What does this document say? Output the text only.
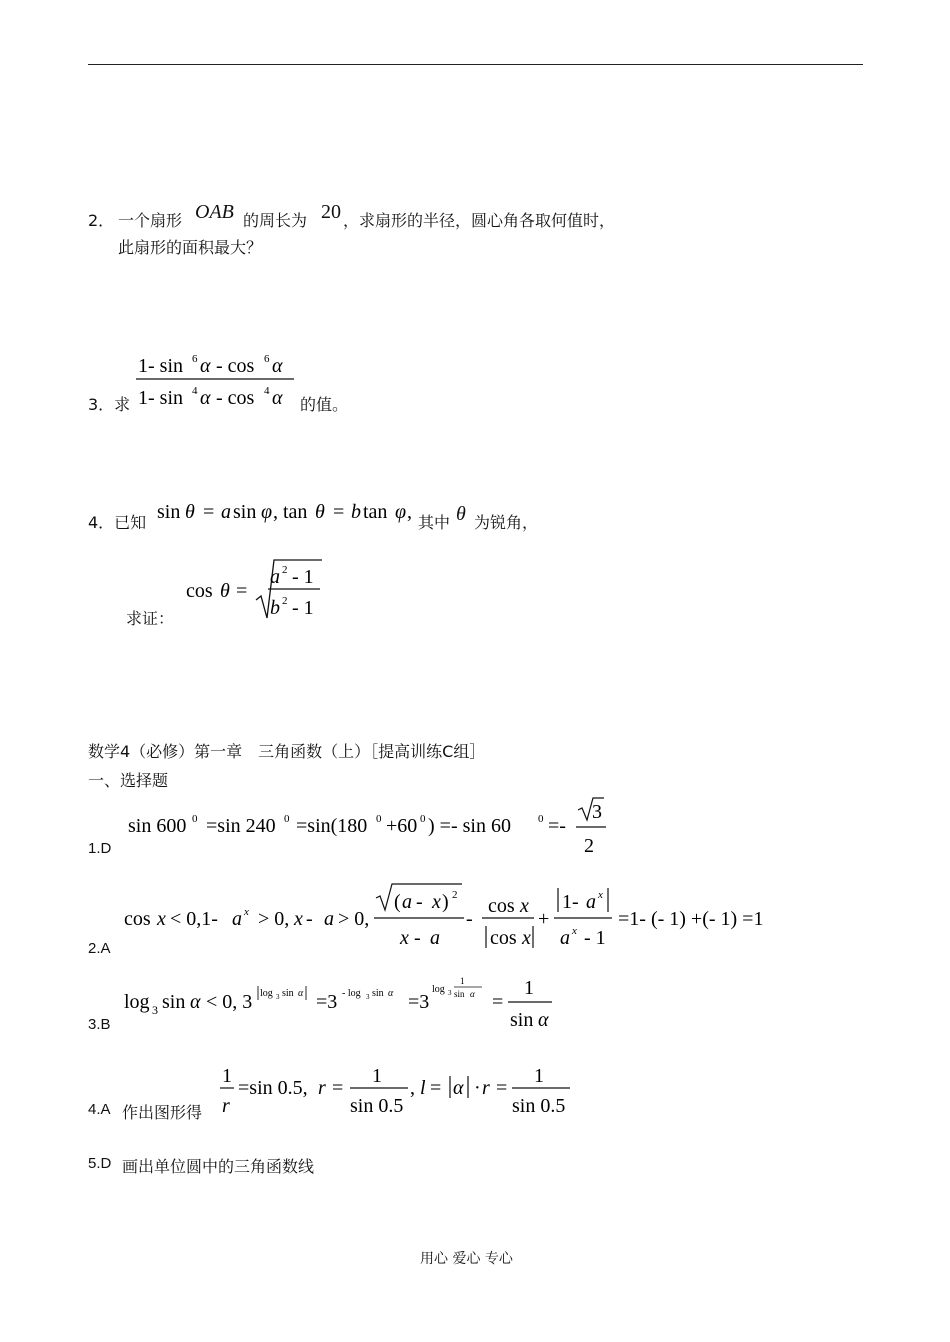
2． 一个扇形 OAB 的周长为 20 ，求扇形的半径，圆心角各取何值时，
此扇形的面积最大？
3．求
1- sin 6 α - cos 6 α
1- sin 4 α - cos 4 α 的值。
4．已知 sin θ = a sin φ , tan θ = b tan φ , 其中 θ 为锐角，
求证：
cos θ =
a 2 - 1
b 2 - 1
数学4（必修）第一章　三角函数（上）［提高训练C组］
一、选择题
1.D
sin 600 0 =sin 240 0 =sin(180 0 +60 0 ) =- sin 60 0 =-
3
2
2.A
cos x < 0,1- a x > 0, x - a > 0,
( a - x ) 2
x - a
-
cos x
cos x
+
1- a x
a x - 1
=1- (- 1) +(- 1) =1
3.B
log 3 sin α < 0, 3 log 3 sin α =3 - log 3 sin α =3
log 3
1
sin α =
1
sin α
4.A 作出图形得
1
r
=sin 0.5, r =
1
sin 0.5
, l = α · r =
1
sin 0.5
5.D 画出单位圆中的三角函数线
用心 爱心 专心
